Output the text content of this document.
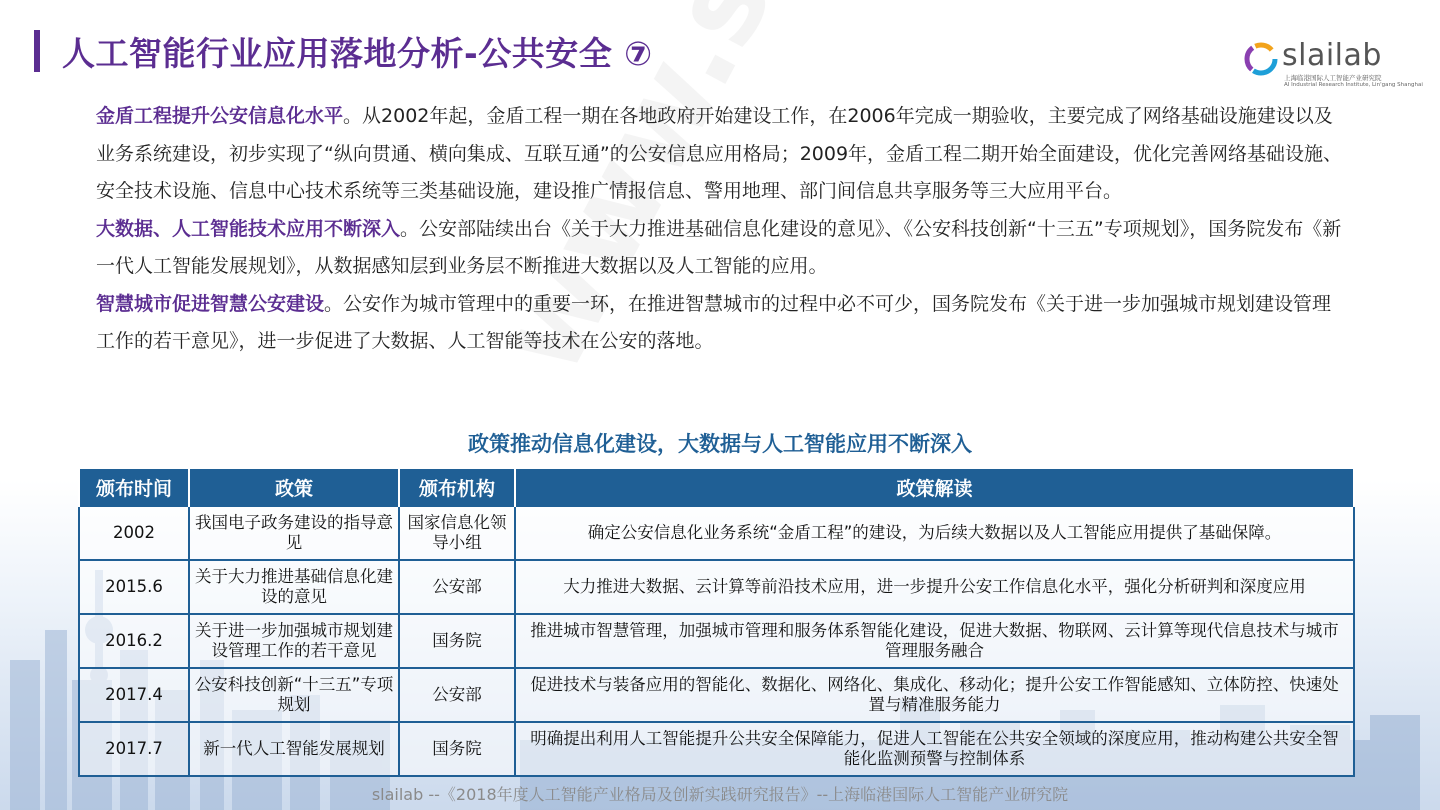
人工智能行业应用落地分析-公共安全 ⑦	slailab
上海临港国际人工智能产业研究院
AI Industrial Research Institute, Lin'gang Shanghai

金盾工程提升公安信息化水平。从2002年起，金盾工程一期在各地政府开始建设工作，在2006年完成一期验收，主要完成了网络基础设施建设以及业务系统建设，初步实现了“纵向贯通、横向集成、互联互通”的公安信息应用格局；2009年，金盾工程二期开始全面建设，优化完善网络基础设施、安全技术设施、信息中心技术系统等三类基础设施，建设推广情报信息、警用地理、部门间信息共享服务等三大应用平台。

大数据、人工智能技术应用不断深入。公安部陆续出台《关于大力推进基础信息化建设的意见》、《公安科技创新“十三五”专项规划》，国务院发布《新一代人工智能发展规划》，从数据感知层到业务层不断推进大数据以及人工智能的应用。

智慧城市促进智慧公安建设。公安作为城市管理中的重要一环，在推进智慧城市的过程中必不可少，国务院发布《关于进一步加强城市规划建设管理工作的若干意见》，进一步促进了大数据、人工智能等技术在公安的落地。

政策推动信息化建设，大数据与人工智能应用不断深入
颁布时间	政策	颁布机构	政策解读
2002	我国电子政务建设的指导意见	国家信息化领导小组	确定公安信息化业务系统“金盾工程”的建设，为后续大数据以及人工智能应用提供了基础保障。
2015.6	关于大力推进基础信息化建设的意见	公安部	大力推进大数据、云计算等前沿技术应用，进一步提升公安工作信息化水平，强化分析研判和深度应用
2016.2	关于进一步加强城市规划建设管理工作的若干意见	国务院	推进城市智慧管理，加强城市管理和服务体系智能化建设，促进大数据、物联网、云计算等现代信息技术与城市管理服务融合
2017.4	公安科技创新“十三五”专项规划	公安部	促进技术与装备应用的智能化、数据化、网络化、集成化、移动化；提升公安工作智能感知、立体防控、快速处置与精准服务能力
2017.7	新一代人工智能发展规划	国务院	明确提出利用人工智能提升公共安全保障能力，促进人工智能在公共安全领域的深度应用，推动构建公共安全智能化监测预警与控制体系
slailab --《2018年度人工智能产业格局及创新实践研究报告》--上海临港国际人工智能产业研究院
